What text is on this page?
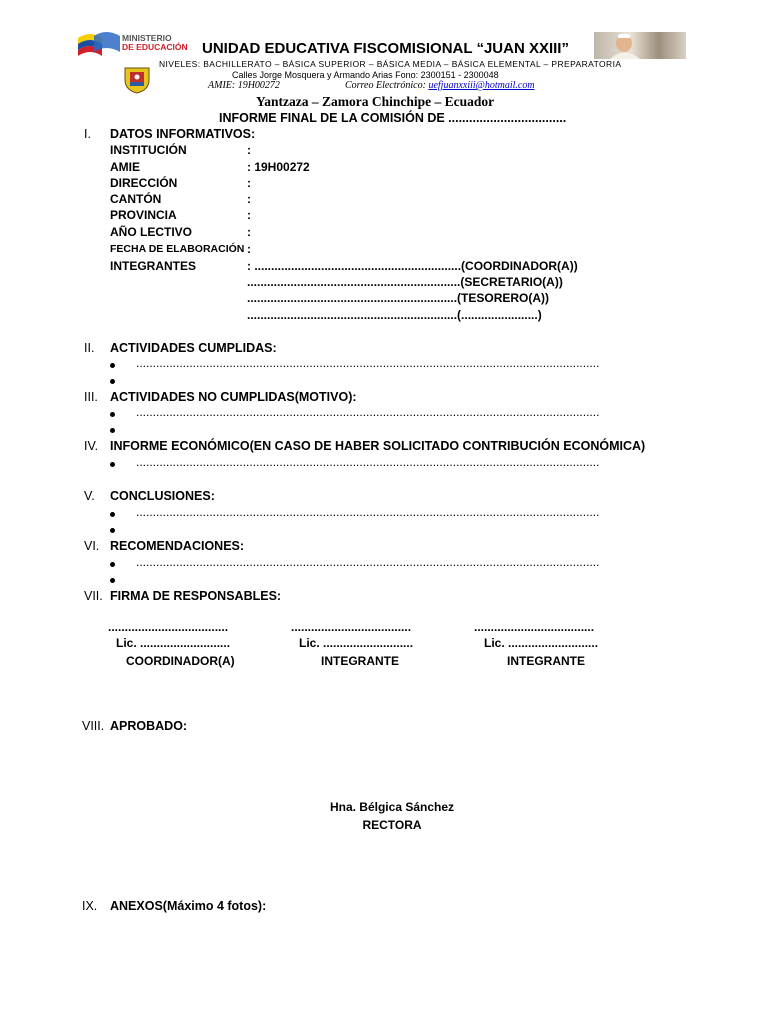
MINISTERIO
DE EDUCACIÓN UNIDAD EDUCATIVA FISCOMISIONAL “JUAN XXIII”
NIVELES: BACHILLERATO – BÁSICA SUPERIOR – BÁSICA MEDIA – BÁSICA ELEMENTAL – PREPARATORIA
Calles Jorge Mosquera y Armando Arias Fono: 2300151 - 2300048
AMIE: 19H00272	Correo Electrónico: uefjuanxxiii@hotmail.com
Yantzaza – Zamora Chinchipe – Ecuador
INFORME FINAL DE LA COMISIÓN DE ..................................
I. DATOS INFORMATIVOS:
INSTITUCIÓN	:
AMIE	: 19H00272
DIRECCIÓN	:
CANTÓN	:
PROVINCIA	:
AÑO LECTIVO	:
FECHA DE ELABORACIÓN :
INTEGRANTES	: ..............................................................(COORDINADOR(A))
................................................................(SECRETARIO(A))
...............................................................(TESORERO(A))
...............................................................(.......................)
II. ACTIVIDADES CUMPLIDAS:
...........................................................................................................................................
III. ACTIVIDADES NO CUMPLIDAS(MOTIVO):
...........................................................................................................................................
IV. INFORME ECONÓMICO(EN CASO DE HABER SOLICITADO CONTRIBUCIÓN ECONÓMICA)
...........................................................................................................................................
V. CONCLUSIONES:
...........................................................................................................................................
VI. RECOMENDACIONES:
...........................................................................................................................................
VII. FIRMA DE RESPONSABLES:
....................................
Lic. ...........................
COORDINADOR(A)
....................................
Lic. ...........................
INTEGRANTE
....................................
Lic. ...........................
INTEGRANTE
VIII. APROBADO:
Hna. Bélgica Sánchez
RECTORA
IX. ANEXOS(Máximo 4 fotos):
